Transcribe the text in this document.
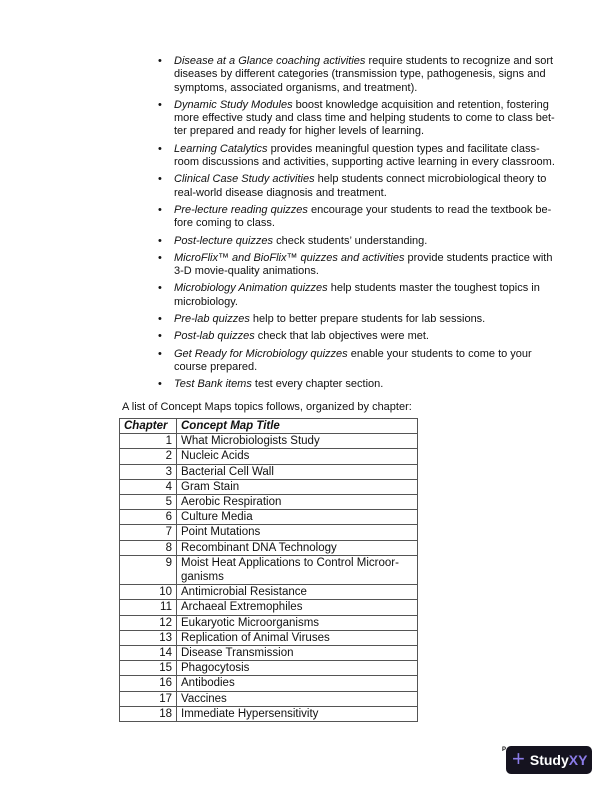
• Disease at a Glance coaching activities require students to recognize and sort diseases by different categories (transmission type, pathogenesis, signs and symptoms, associated organisms, and treatment).
• Dynamic Study Modules boost knowledge acquisition and retention, fostering more effective study and class time and helping students to come to class bet-ter prepared and ready for higher levels of learning.
• Learning Catalytics provides meaningful question types and facilitate class-room discussions and activities, supporting active learning in every classroom.
• Clinical Case Study activities help students connect microbiological theory to real-world disease diagnosis and treatment.
• Pre-lecture reading quizzes encourage your students to read the textbook be-fore coming to class.
• Post-lecture quizzes check students’ understanding.
• MicroFlix™ and BioFlix™ quizzes and activities provide students practice with 3-D movie-quality animations.
• Microbiology Animation quizzes help students master the toughest topics in microbiology.
• Pre-lab quizzes help to better prepare students for lab sessions.
• Post-lab quizzes check that lab objectives were met.
• Get Ready for Microbiology quizzes enable your students to come to your course prepared.
• Test Bank items test every chapter section.
A list of Concept Maps topics follows, organized by chapter:
Chapter	Concept Map Title
1	What Microbiologists Study
2	Nucleic Acids
3	Bacterial Cell Wall
4	Gram Stain
5	Aerobic Respiration
6	Culture Media
7	Point Mutations
8	Recombinant DNA Technology
9	Moist Heat Applications to Control Microor-ganisms
10	Antimicrobial Resistance
11	Archaeal Extremophiles
12	Eukaryotic Microorganisms
13	Replication of Animal Viruses
14	Disease Transmission
15	Phagocytosis
16	Antibodies
17	Vaccines
18	Immediate Hypersensitivity
P + Study XY
